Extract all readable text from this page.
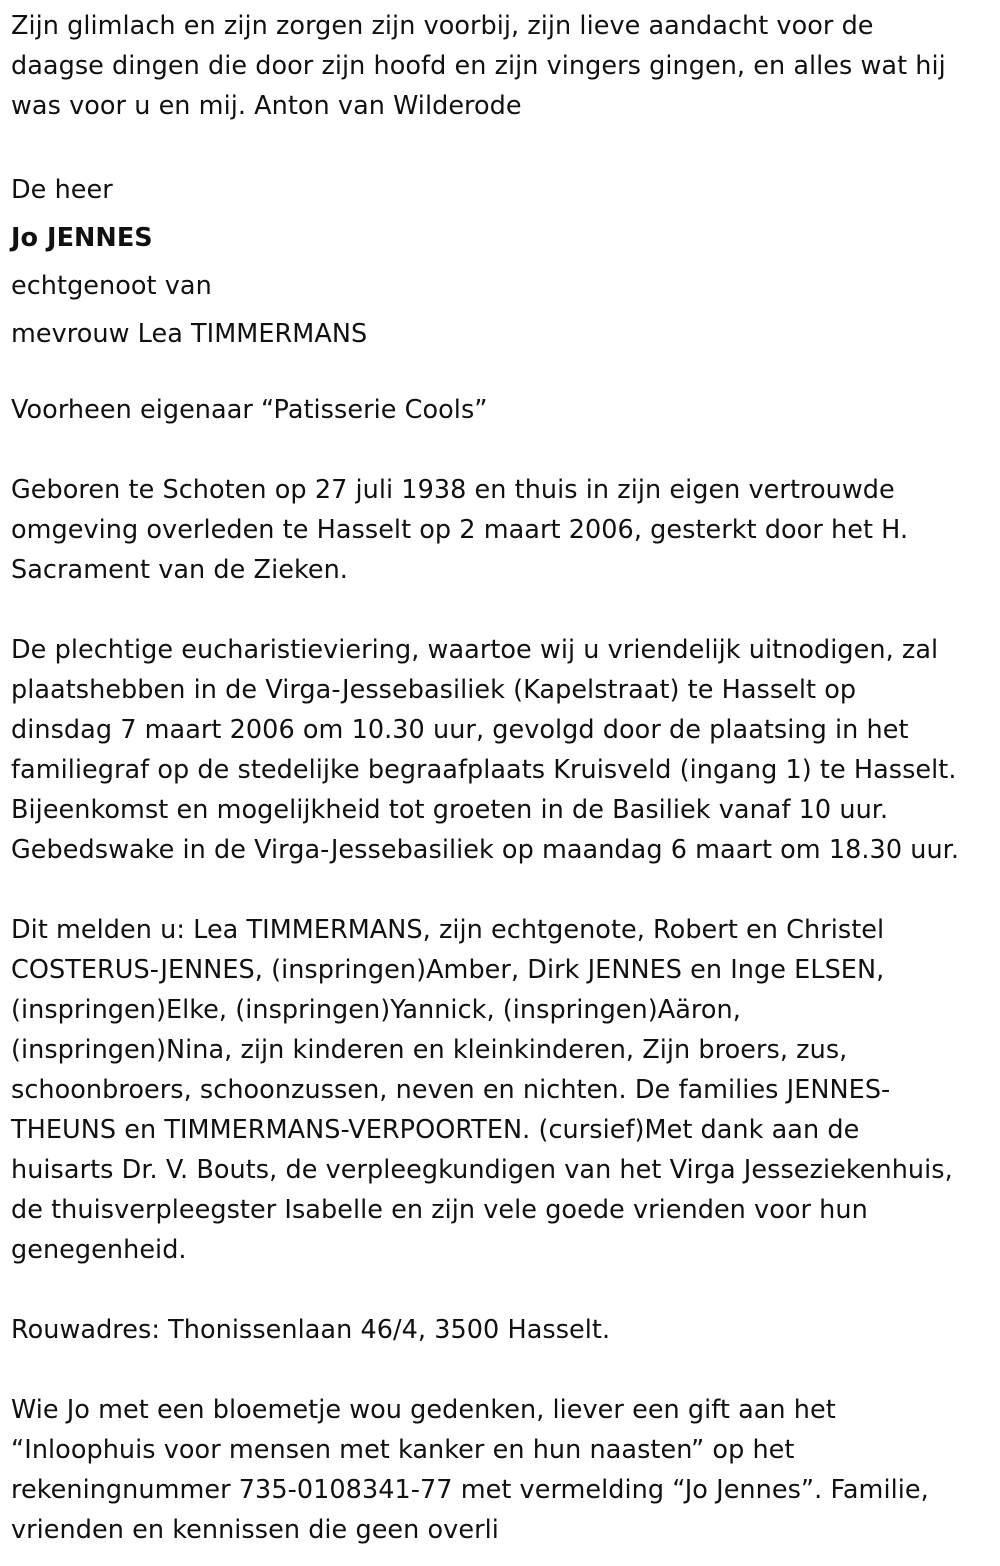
Zijn glimlach en zijn zorgen zijn voorbij, zijn lieve aandacht voor de
daagse dingen die door zijn hoofd en zijn vingers gingen, en alles wat hij
was voor u en mij. Anton van Wilderode

De heer
Jo JENNES
echtgenoot van
mevrouw Lea TIMMERMANS

Voorheen eigenaar “Patisserie Cools”

Geboren te Schoten op 27 juli 1938 en thuis in zijn eigen vertrouwde
omgeving overleden te Hasselt op 2 maart 2006, gesterkt door het H.
Sacrament van de Zieken.

De plechtige eucharistieviering, waartoe wij u vriendelijk uitnodigen, zal
plaatshebben in de Virga-Jessebasiliek (Kapelstraat) te Hasselt op
dinsdag 7 maart 2006 om 10.30 uur, gevolgd door de plaatsing in het
familiegraf op de stedelijke begraafplaats Kruisveld (ingang 1) te Hasselt.
Bijeenkomst en mogelijkheid tot groeten in de Basiliek vanaf 10 uur.
Gebedswake in de Virga-Jessebasiliek op maandag 6 maart om 18.30 uur.

Dit melden u: Lea TIMMERMANS, zijn echtgenote, Robert en Christel
COSTERUS-JENNES, (inspringen)Amber, Dirk JENNES en Inge ELSEN,
(inspringen)Elke, (inspringen)Yannick, (inspringen)Aäron,
(inspringen)Nina, zijn kinderen en kleinkinderen, Zijn broers, zus,
schoonbroers, schoonzussen, neven en nichten. De families JENNES-
THEUNS en TIMMERMANS-VERPOORTEN. (cursief)Met dank aan de
huisarts Dr. V. Bouts, de verpleegkundigen van het Virga Jesseziekenhuis,
de thuisverpleegster Isabelle en zijn vele goede vrienden voor hun
genegenheid.

Rouwadres: Thonissenlaan 46/4, 3500 Hasselt.

Wie Jo met een bloemetje wou gedenken, liever een gift aan het
“Inloophuis voor mensen met kanker en hun naasten” op het
rekeningnummer 735-0108341-77 met vermelding “Jo Jennes”. Familie,
vrienden en kennissen die geen overli
